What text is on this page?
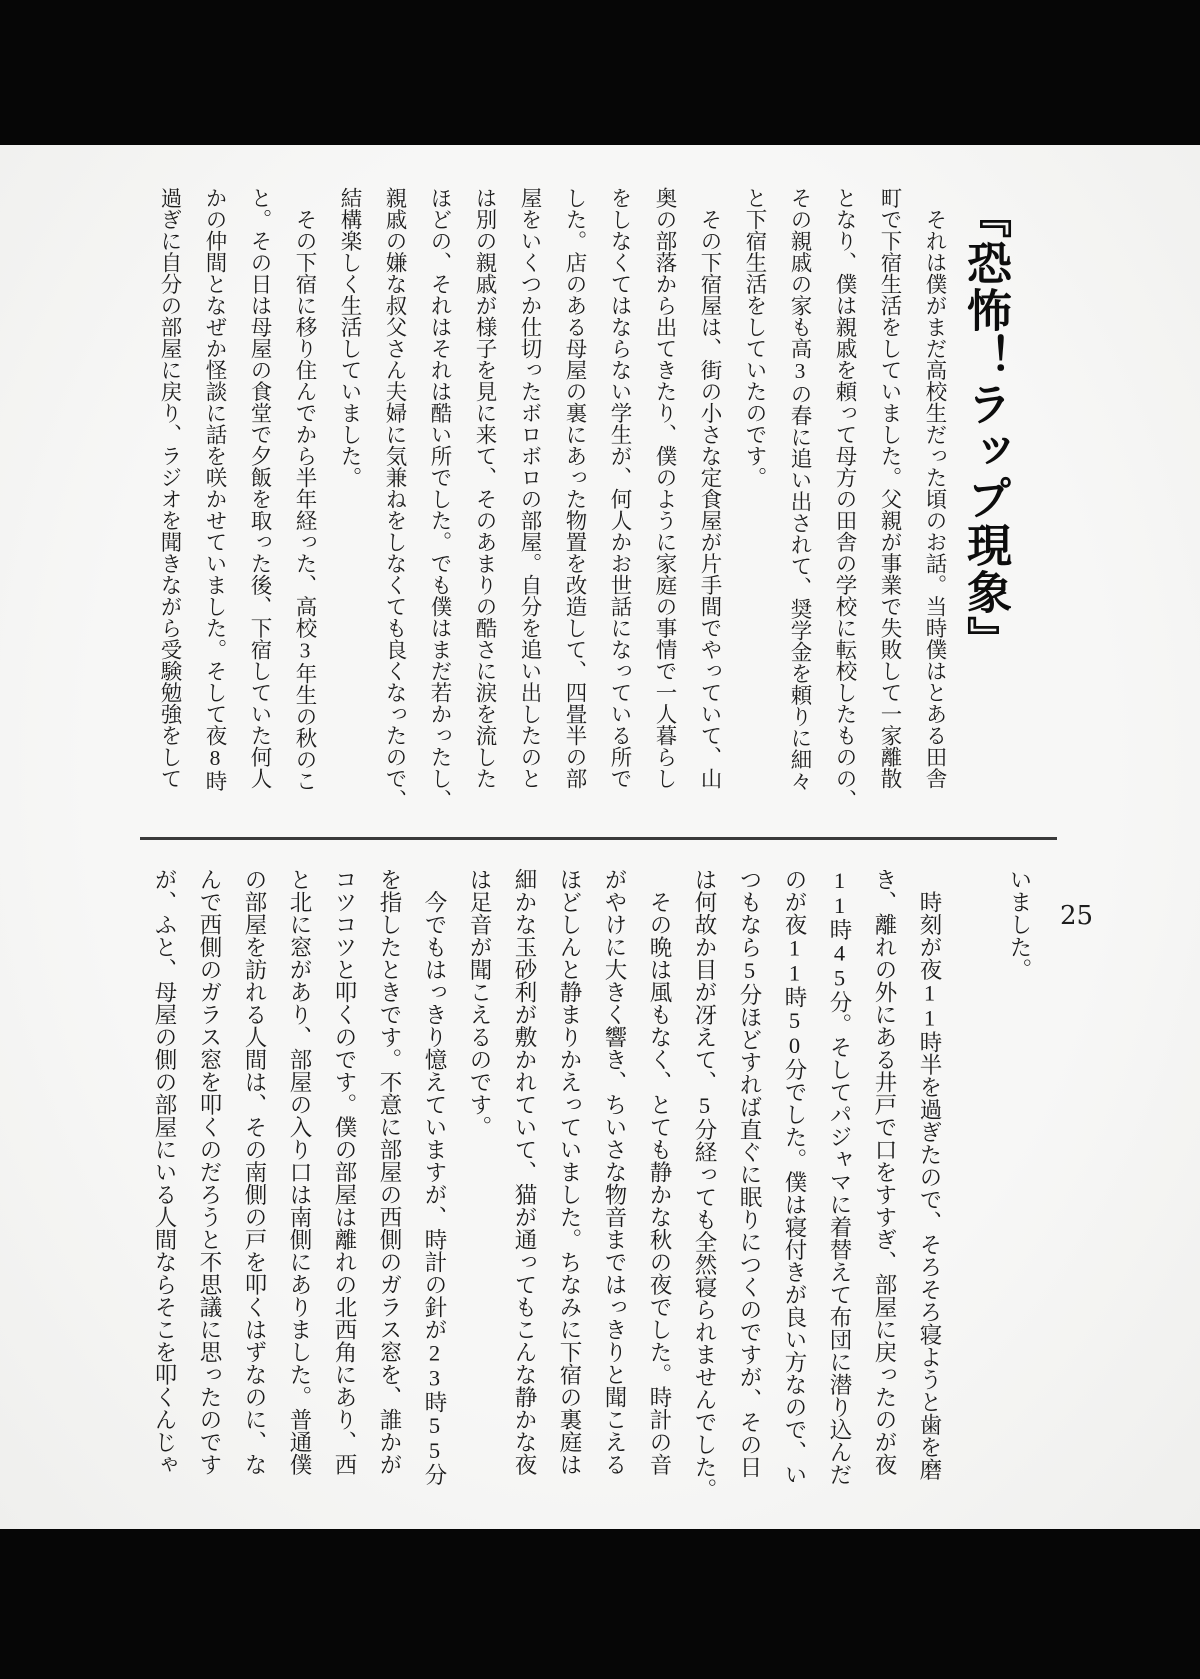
『恐怖！ラップ現象』
　それは僕がまだ高校生だった頃のお話。当時僕はとある田舎
町で下宿生活をしていました。父親が事業で失敗して一家離散
となり、僕は親戚を頼って母方の田舎の学校に転校したものの、
その親戚の家も高3の春に追い出されて、奨学金を頼りに細々
と下宿生活をしていたのです。
　その下宿屋は、街の小さな定食屋が片手間でやっていて、山
奥の部落から出てきたり、僕のように家庭の事情で一人暮らし
をしなくてはならない学生が、何人かお世話になっている所で
した。店のある母屋の裏にあった物置を改造して、四畳半の部
屋をいくつか仕切ったボロボロの部屋。自分を追い出したのと
は別の親戚が様子を見に来て、そのあまりの酷さに涙を流した
ほどの、それはそれは酷い所でした。でも僕はまだ若かったし、
親戚の嫌な叔父さん夫婦に気兼ねをしなくても良くなったので、
結構楽しく生活していました。
　その下宿に移り住んでから半年経った、高校3年生の秋のこ
と。その日は母屋の食堂で夕飯を取った後、下宿していた何人
かの仲間となぜか怪談に話を咲かせていました。そして夜8時
過ぎに自分の部屋に戻り、ラジオを聞きながら受験勉強をして
25
いました。

　時刻が夜11時半を過ぎたので、そろそろ寝ようと歯を磨
き、離れの外にある井戸で口をすすぎ、部屋に戻ったのが夜
11時45分。そしてパジャマに着替えて布団に潜り込んだ
のが夜11時50分でした。僕は寝付きが良い方なので、い
つもなら5分ほどすれば直ぐに眠りにつくのですが、その日
は何故か目が冴えて、5分経っても全然寝られませんでした。
　その晩は風もなく、とても静かな秋の夜でした。時計の音
がやけに大きく響き、ちいさな物音まではっきりと聞こえる
ほどしんと静まりかえっていました。ちなみに下宿の裏庭は
細かな玉砂利が敷かれていて、猫が通ってもこんな静かな夜
は足音が聞こえるのです。
　今でもはっきり憶えていますが、時計の針が23時55分
を指したときです。不意に部屋の西側のガラス窓を、誰かが
コツコツと叩くのです。僕の部屋は離れの北西角にあり、西
と北に窓があり、部屋の入り口は南側にありました。普通僕
の部屋を訪れる人間は、その南側の戸を叩くはずなのに、な
んで西側のガラス窓を叩くのだろうと不思議に思ったのです
が、ふと、母屋の側の部屋にいる人間ならそこを叩くんじゃ
